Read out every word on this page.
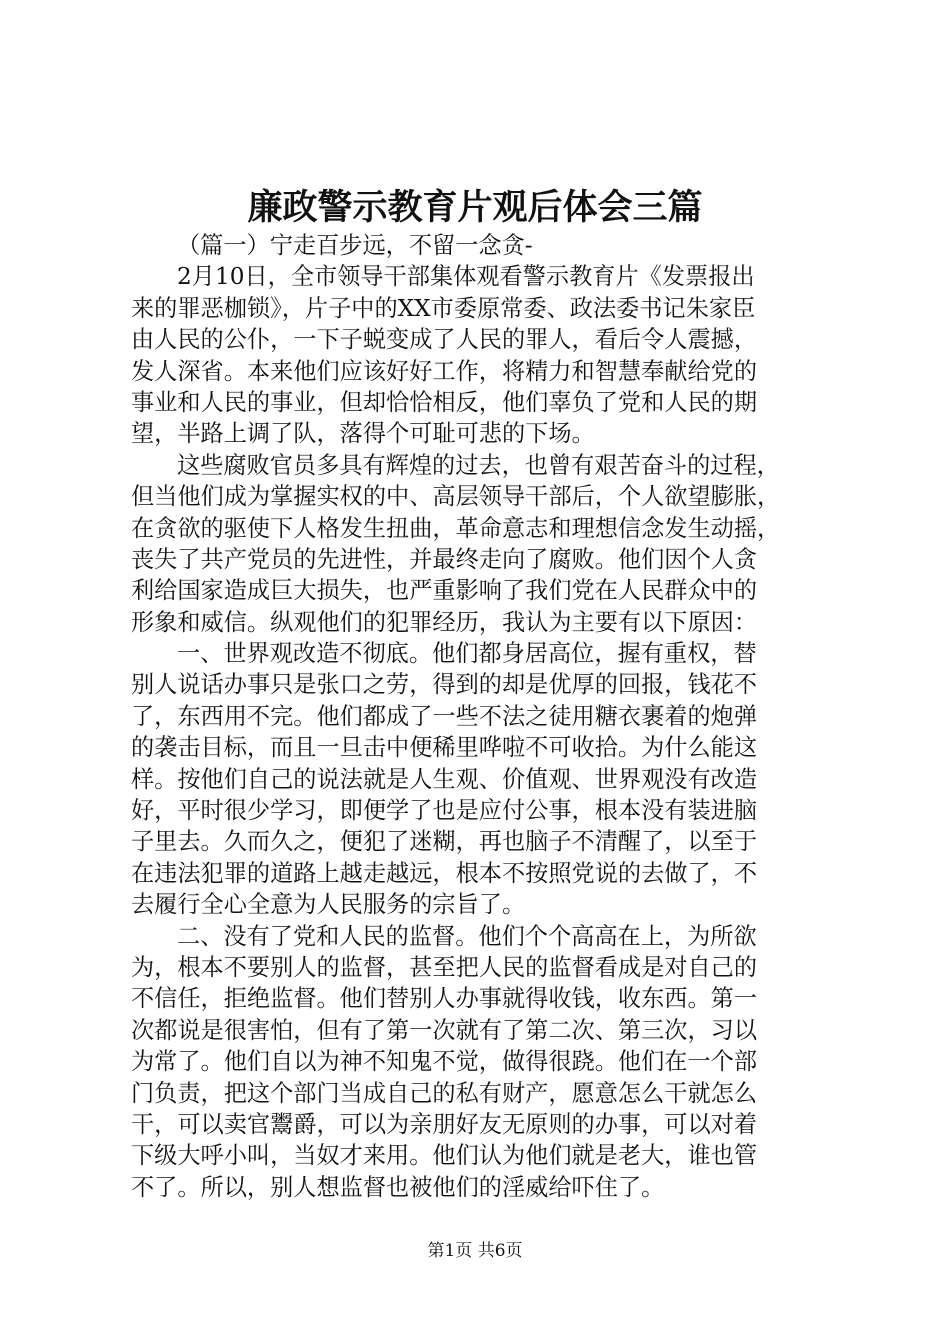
廉政警示教育片观后体会三篇

（篇一）宁走百步远，不留一念贪-

2月10日，全市领导干部集体观看警示教育片《发票报出

来的罪恶枷锁》，片子中的XX市委原常委、政法委书记朱家臣

由人民的公仆，一下子蜕变成了人民的罪人，看后令人震撼，

发人深省。本来他们应该好好工作，将精力和智慧奉献给党的

事业和人民的事业，但却恰恰相反，他们辜负了党和人民的期

望，半路上调了队，落得个可耻可悲的下场。

这些腐败官员多具有辉煌的过去，也曾有艰苦奋斗的过程，

但当他们成为掌握实权的中、高层领导干部后，个人欲望膨胀，

在贪欲的驱使下人格发生扭曲，革命意志和理想信念发生动摇，

丧失了共产党员的先进性，并最终走向了腐败。他们因个人贪

利给国家造成巨大损失，也严重影响了我们党在人民群众中的

形象和威信。纵观他们的犯罪经历，我认为主要有以下原因：

一、世界观改造不彻底。他们都身居高位，握有重权，替

别人说话办事只是张口之劳，得到的却是优厚的回报，钱花不

了，东西用不完。他们都成了一些不法之徒用糖衣裹着的炮弹

的袭击目标，而且一旦击中便稀里哗啦不可收拾。为什么能这

样。按他们自己的说法就是人生观、价值观、世界观没有改造

好，平时很少学习，即便学了也是应付公事，根本没有装进脑

子里去。久而久之，便犯了迷糊，再也脑子不清醒了，以至于

在违法犯罪的道路上越走越远，根本不按照党说的去做了，不

去履行全心全意为人民服务的宗旨了。

二、没有了党和人民的监督。他们个个高高在上，为所欲

为，根本不要别人的监督，甚至把人民的监督看成是对自己的

不信任，拒绝监督。他们替别人办事就得收钱，收东西。第一

次都说是很害怕，但有了第一次就有了第二次、第三次，习以

为常了。他们自以为神不知鬼不觉，做得很跷。他们在一个部

门负责，把这个部门当成自己的私有财产，愿意怎么干就怎么

干，可以卖官鬻爵，可以为亲朋好友无原则的办事，可以对着

下级大呼小叫，当奴才来用。他们认为他们就是老大，谁也管

不了。所以，别人想监督也被他们的淫威给吓住了。

第1页 共6页
